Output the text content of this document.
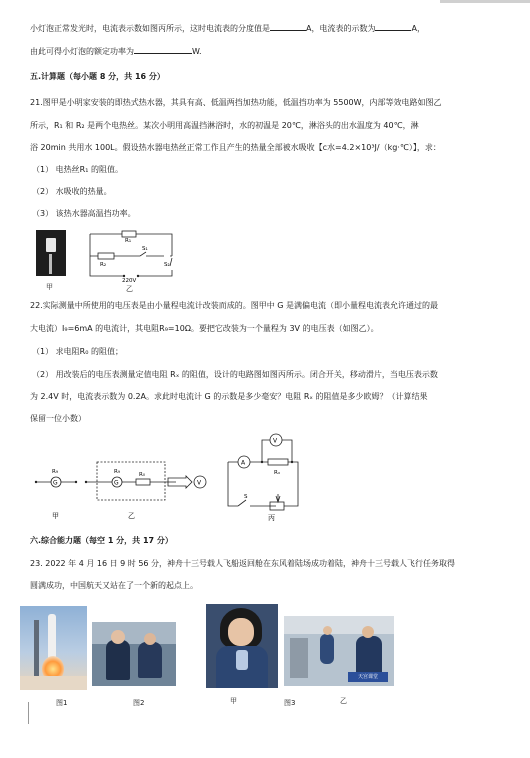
小灯泡正常发光时，电流表示数如图丙所示，这时电流表的分度值是	A，电流表的示数为	A，
由此可得小灯泡的额定功率为	W.
五.计算题（每小题 8 分，共 16 分）
21.图甲是小明家安装的即热式热水器，其具有高、低温两挡加热功能，低温挡功率为 5500W，内部等效电路如图乙
所示，R₁ 和 R₂ 是两个电热丝。某次小明用高温挡淋浴时，水的初温是 20℃，淋浴头的出水温度为 40℃，淋
浴 20min 共用水 100L。假设热水器电热丝正常工作且产生的热量全部被水吸收【c水=4.2×10³J/（kg·℃）】，求：
（1） 电热丝R₁ 的阻值。
（2） 水吸收的热量。
（3） 该热水器高温挡功率。
甲
R₁
R₂
S₁
S₂
220V
乙
22.实际测量中所使用的电压表是由小量程电流计改装而成的。图甲中 G 是满偏电流（即小量程电流表允许通过的最
大电流）I₉=6mA 的电流计，其电阻R₉=10Ω。要把它改装为一个量程为 3V 的电压表（如图乙）。
（1） 求电阻R₀ 的阻值；
（2） 用改装后的电压表测量定值电阻 Rₓ 的阻值，设计的电路图如图丙所示。闭合开关，移动滑片，当电压表示数
为 2.4V 时，电流表示数为 0.2A。求此时电流计 G 的示数是多少毫安？电阻 Rₓ 的阻值是多少欧姆？（计算结果
保留一位小数）
G
R₉
甲
G
R₉	R₀
V
乙
A
V
Rₓ
S
丙
六.综合能力题（每空 1 分，共 17 分）
23. 2022 年 4 月 16 日 9 时 56 分，神舟十三号载人飞船返回舱在东风着陆场成功着陆，神舟十三号载人飞行任务取得
圆满成功，中国航天又站在了一个新的起点上。
图1	图2	甲
天宫课堂
图3	乙
